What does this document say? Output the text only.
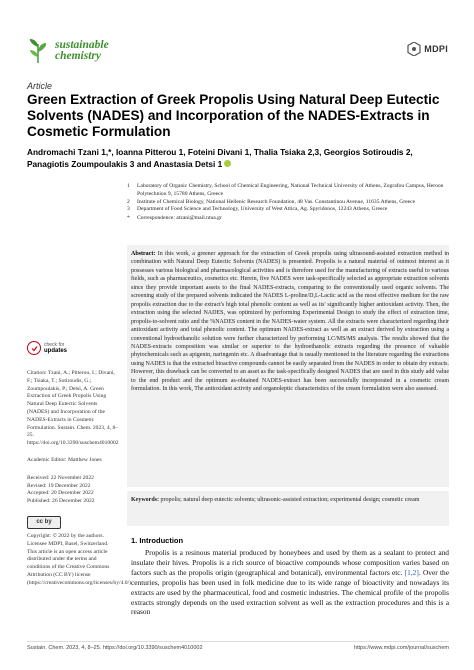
sustainable
chemistry
MDPI
Article
Green Extraction of Greek Propolis Using Natural Deep Eutectic Solvents (NADES) and Incorporation of the NADES-Extracts in Cosmetic Formulation
Andromachi Tzani 1,*, Ioanna Pitterou 1, Foteini Divani 1, Thalia Tsiaka 2,3, Georgios Sotiroudis 2,
Panagiotis Zoumpoulakis 3 and Anastasia Detsi 1
1	Laboratory of Organic Chemistry, School of Chemical Engineering, National Technical University of Athens, Zografou Campus, Heroon Polytechniou 9, 15780 Athens, Greece
2	Institute of Chemical Biology, National Hellenic Research Foundation, 48 Vas. Constantinou Avenue, 11635 Athens, Greece
3	Department of Food Science and Technology, University of West Attica, Ag. Spyridonos, 12243 Athens, Greece
*	Correspondence: atzani@mail.ntua.gr
check for
updates
Citation: Tzani, A.; Pitterou, I.; Divani, F.; Tsiaka, T.; Sotiroudis, G.; Zoumpoulakis, P.; Detsi, A. Green Extraction of Greek Propolis Using Natural Deep Eutectic Solvents (NADES) and Incorporation of the NADES-Extracts in Cosmetic Formulation. Sustain. Chem. 2023, 4, 8–25. https://doi.org/10.3390/suschem4010002
Academic Editor: Matthew Jones
Received: 22 November 2022
Revised: 19 December 2022
Accepted: 20 December 2022
Published: 26 December 2022
cc by
Copyright: © 2022 by the authors. Licensee MDPI, Basel, Switzerland. This article is an open access article distributed under the terms and conditions of the Creative Commons Attribution (CC BY) license (https://creativecommons.org/licenses/by/4.0/).
Abstract: In this work, a greener approach for the extraction of Greek propolis using ultrasound-assisted extraction method in combination with Natural Deep Eutectic Solvents (NADES) is presented. Propolis is a natural material of outmost interest as it possesses various biological and pharmacological activities and is therefore used for the manufacturing of extracts useful to various fields, such as pharmaceutics, cosmetics etc. Herein, five NADES were task-specifically selected as appropriate extraction solvents since they provide important assets to the final NADES-extracts, comparing to the conventionally used organic solvents. The screening study of the prepared solvents indicated the NADES L-proline/D,L-Lactic acid as the most effective medium for the raw propolis extraction due to the extract's high total phenolic content as well as its' significantly higher antioxidant activity. Then, the extraction using the selected NADES, was optimized by performing Experimental Design to study the effect of extraction time, propolis-to-solvent ratio and the %NADES content in the NADES-water system. All the extracts were characterized regarding their antioxidant activity and total phenolic content. The optimum NADES-extract as well as an extract derived by extraction using a conventional hydroethanolic solution were further characterized by performing LC/MS/MS analysis. The results showed that the NADES-extracts composition was similar or superior to the hydroethanolic extracts regarding the presence of valuable phytochemicals such as apigenin, naringenin etc. A disadvantage that is usually mentioned in the literature regarding the extractions using NADES is that the extracted bioactive compounds cannot be easily separated from the NADES in order to obtain dry extracts. However, this drawback can be converted to an asset as the task-specifically designed NADES that are used in this study add value to the end product and the optimum as-obtained NADES-extract has been successfully incorporated in a cosmetic cream formulation. In this work, The antioxidant activity and organoleptic characteristics of the cream formulation were also assessed.
Keywords: propolis; natural deep eutectic solvents; ultrasonic-assisted extraction; experimental design; cosmetic cream
1. Introduction
Propolis is a resinous material produced by honeybees and used by them as a sealant to protect and insulate their hives. Propolis is a rich source of bioactive compounds whose composition varies based on factors such as the propolis origin (geographical and botanical), environmental factors etc. [1,2]. Over the centuries, propolis has been used in folk medicine due to its wide range of bioactivity and nowadays its extracts are used by the pharmaceutical, food and cosmetic industries. The chemical profile of the propolis extracts strongly depends on the used extraction solvent as well as the extraction procedures and this is a reason
Sustain. Chem. 2023, 4, 8–25. https://doi.org/10.3390/suschem4010002	https://www.mdpi.com/journal/suschem
